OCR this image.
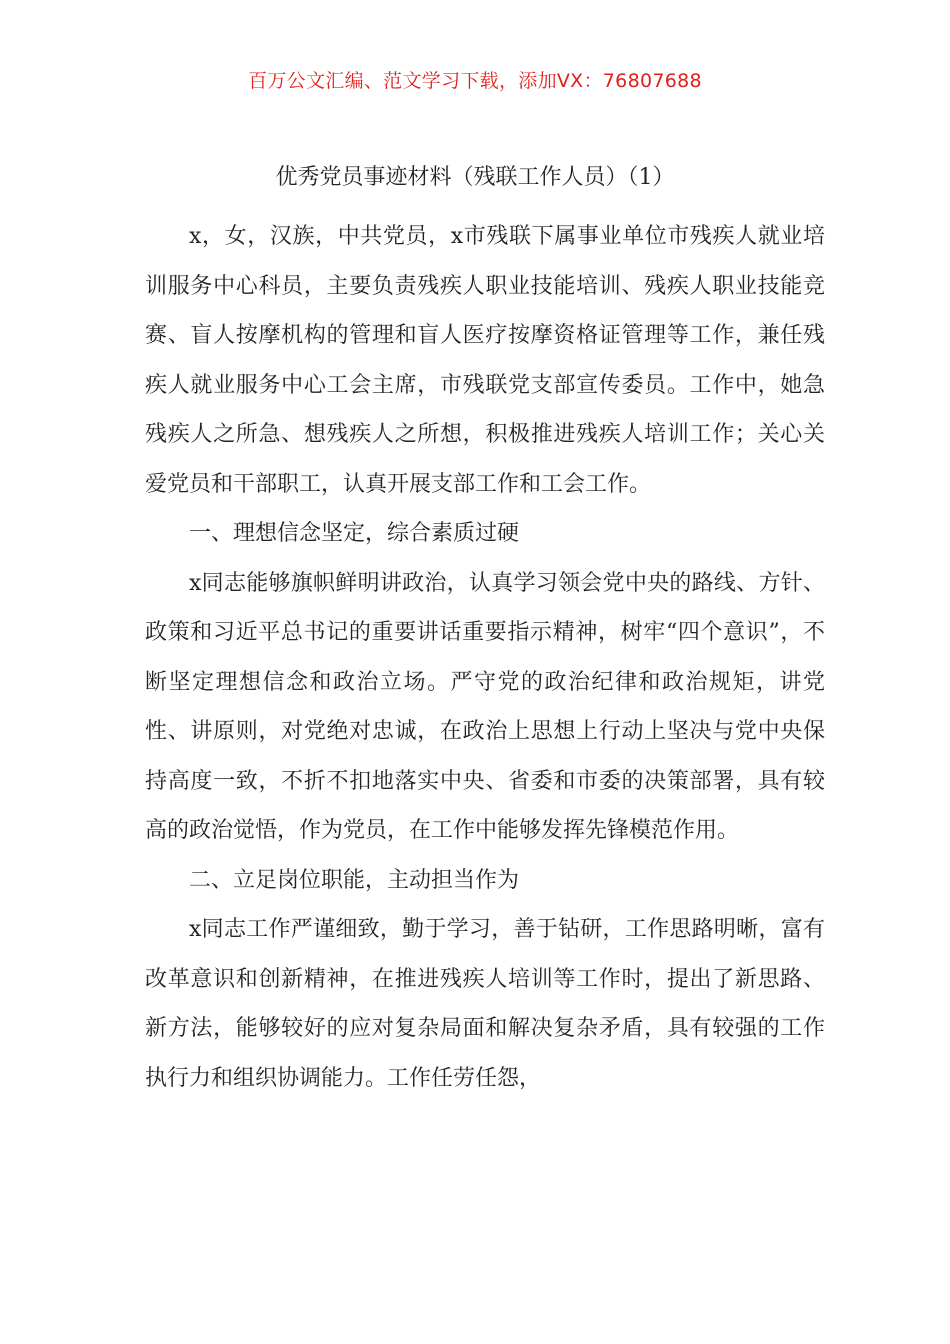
百万公文汇编、范文学习下载，添加VX：76807688
优秀党员事迹材料（残联工作人员）（1）

x，女，汉族，中共党员，x市残联下属事业单位市残疾人就业培训服务中心科员，主要负责残疾人职业技能培训、残疾人职业技能竞赛、盲人按摩机构的管理和盲人医疗按摩资格证管理等工作，兼任残疾人就业服务中心工会主席，市残联党支部宣传委员。工作中，她急残疾人之所急、想残疾人之所想，积极推进残疾人培训工作；关心关爱党员和干部职工，认真开展支部工作和工会工作。

一、理想信念坚定，综合素质过硬

x同志能够旗帜鲜明讲政治，认真学习领会党中央的路线、方针、政策和习近平总书记的重要讲话重要指示精神，树牢“四个意识”，不断坚定理想信念和政治立场。严守党的政治纪律和政治规矩，讲党性、讲原则，对党绝对忠诚，在政治上思想上行动上坚决与党中央保持高度一致，不折不扣地落实中央、省委和市委的决策部署，具有较高的政治觉悟，作为党员，在工作中能够发挥先锋模范作用。

二、立足岗位职能，主动担当作为

x同志工作严谨细致，勤于学习，善于钻研，工作思路明晰，富有改革意识和创新精神，在推进残疾人培训等工作时，提出了新思路、新方法，能够较好的应对复杂局面和解决复杂矛盾，具有较强的工作执行力和组织协调能力。工作任劳任怨，
